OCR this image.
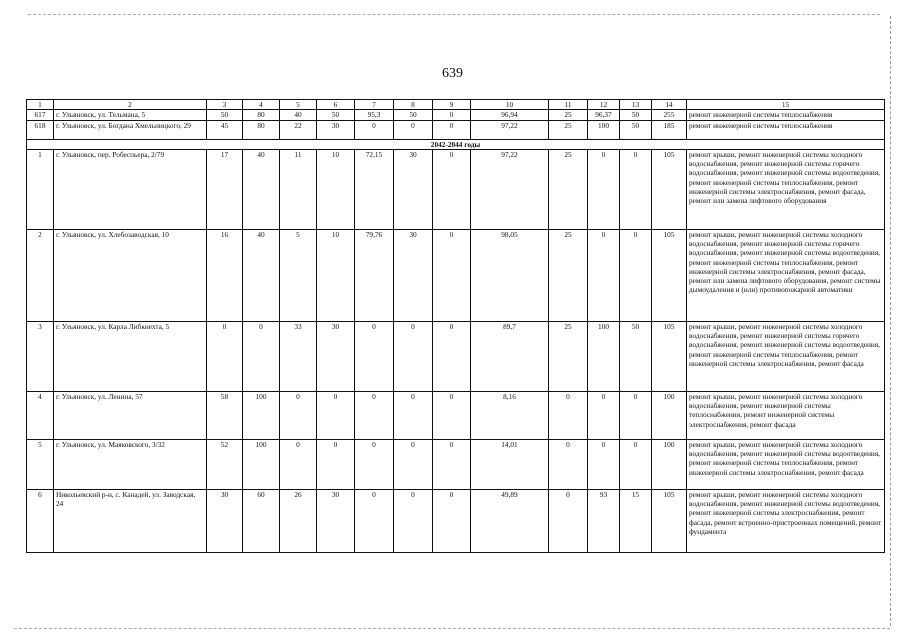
639
1	2	3	4	5	6	7	8	9	10	11	12	13	14	15
617	г. Ульяновск, ул. Тельмана, 5	50	80	40	50	95,3	50	0	96,94	25	96,37	50	255	ремонт инженерной системы теплоснабжения
618	г. Ульяновск, ул. Богдана Хмельницкого, 29	45	80	22	30	0	0	0	97,22	25	100	50	185	ремонт инженерной системы теплоснабжения
2042-2044 годы														
1	г. Ульяновск, пер. Робеспьера, 2/79	17	40	11	10	72,15	30	0	97,22	25	0	0	105	ремонт крыши, ремонт инженерной системы холодного водоснабжения, ремонт инженерной системы горячего водоснабжения, ремонт инженерной системы водоотведения, ремонт инженерной системы теплоснабжения, ремонт инженерной системы электроснабжения, ремонт фасада, ремонт или замена лифтового оборудования
2	г. Ульяновск, ул. Хлебозаводская, 10	16	40	5	10	79,76	30	0	98,05	25	0	0	105	ремонт крыши, ремонт инженерной системы холодного водоснабжения, ремонт инженерной системы горячего водоснабжения, ремонт инженерной системы водоотведения, ремонт инженерной системы теплоснабжения, ремонт инженерной системы электроснабжения, ремонт фасада, ремонт или замена лифтового оборудования, ремонт системы дымоудаления и (или) противопожарной автоматики
3	г. Ульяновск, ул. Карла Либкнехта, 5	0	0	33	30	0	0	0	89,7	25	100	50	105	ремонт крыши, ремонт инженерной системы холодного водоснабжения, ремонт инженерной системы горячего водоснабжения, ремонт инженерной системы водоотведения, ремонт инженерной системы теплоснабжения, ремонт инженерной системы электроснабжения, ремонт фасада
4	г. Ульяновск, ул. Ленина, 57	58	100	0	0	0	0	0	8,16	0	0	0	100	ремонт крыши, ремонт инженерной системы холодного водоснабжения, ремонт инженерной системы теплоснабжения, ремонт инженерной системы электроснабжения, ремонт фасада
5	г. Ульяновск, ул. Маяковского, 3/32	52	100	0	0	0	0	0	14,01	0	0	0	100	ремонт крыши, ремонт инженерной системы холодного водоснабжения, ремонт инженерной системы водоотведения, ремонт инженерной системы теплоснабжения, ремонт инженерной системы электроснабжения, ремонт фасада
6	Никольевский р-н, с. Канадей, ул. Заводская, 24	30	60	26	30	0	0	0	49,89	0	93	15	105	ремонт крыши, ремонт инженерной системы холодного водоснабжения, ремонт инженерной системы водоотведения, ремонт инженерной системы электроснабжения, ремонт фасада, ремонт встроенно-пристроенных помещений, ремонт фундамента
